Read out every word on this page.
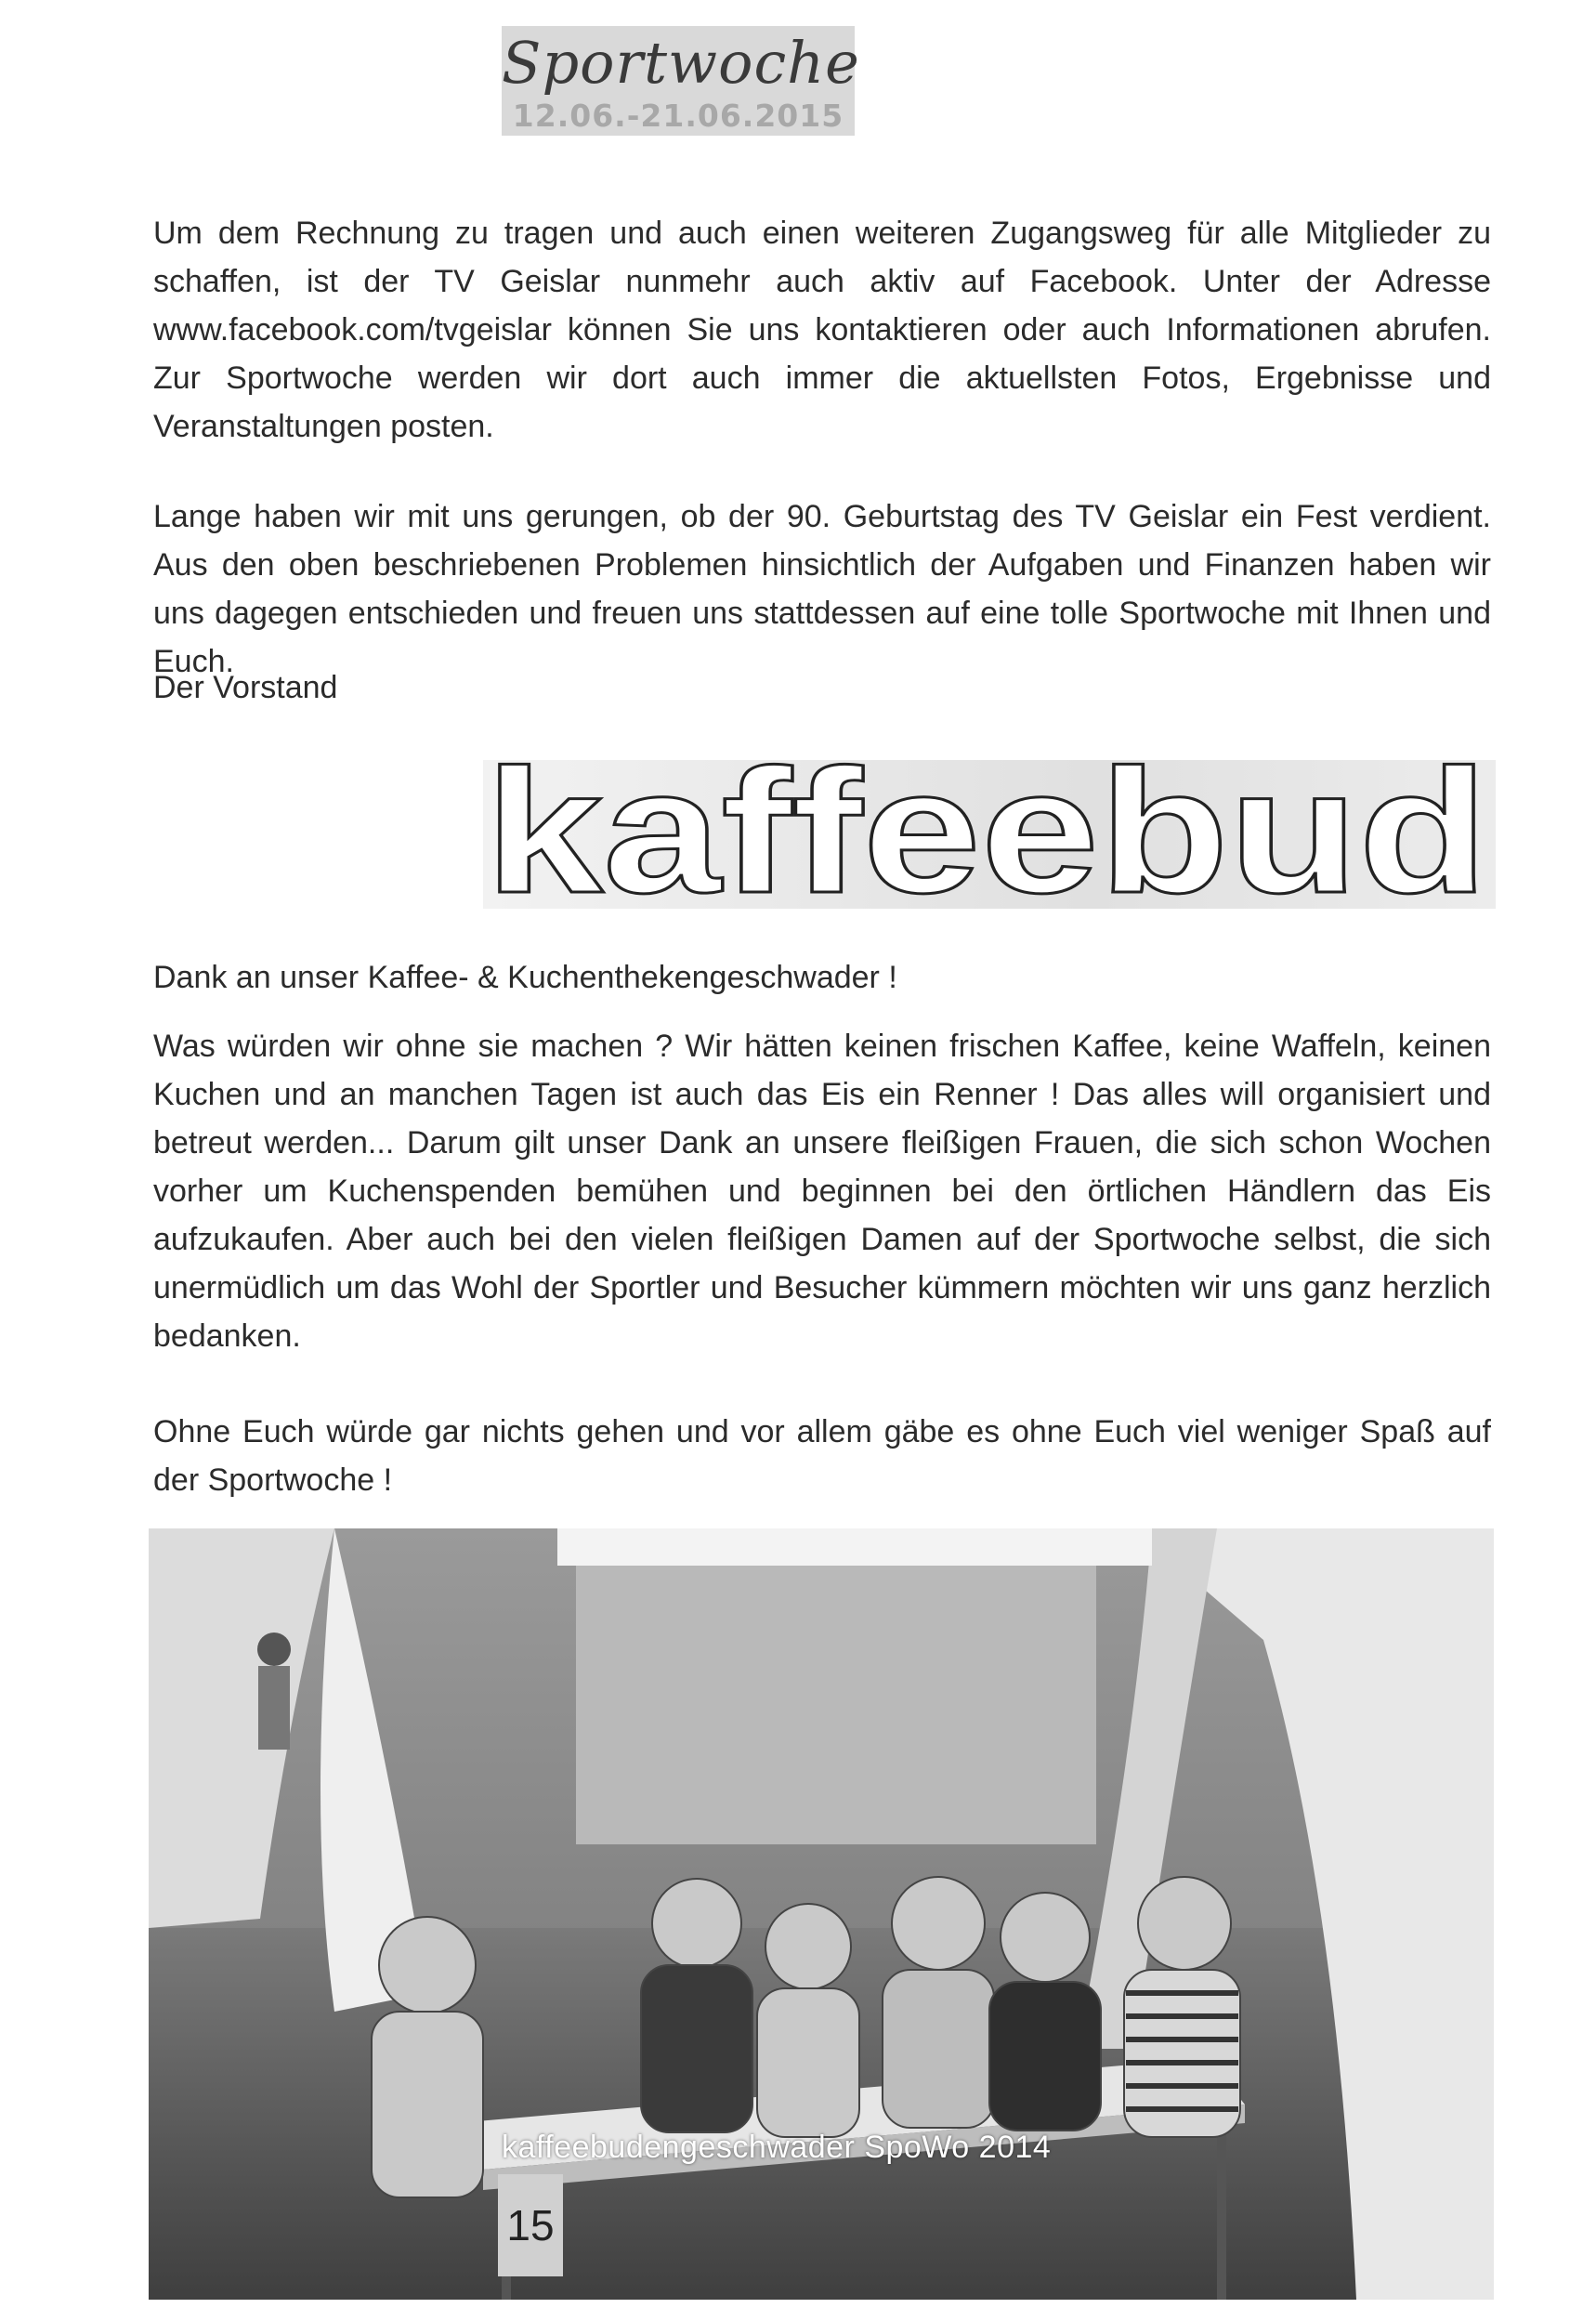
Sportwoche
12.06.-21.06.2015
Um dem Rechnung zu tragen und auch einen weiteren Zugangsweg für alle Mitglieder zu schaffen, ist der TV Geislar nunmehr auch aktiv auf Facebook. Unter der Adresse www.facebook.com/tvgeislar können Sie uns kontaktieren oder auch Informationen abrufen. Zur Sportwoche werden wir dort auch immer die aktuellsten Fotos, Ergebnisse und Veranstaltungen posten.
Lange haben wir mit uns gerungen, ob der 90. Geburtstag des TV Geislar ein Fest verdient. Aus den oben beschriebenen Problemen hinsichtlich der Aufgaben und Finanzen haben wir uns dagegen entschieden und freuen uns stattdessen auf eine tolle Sportwoche mit Ihnen und Euch.
Der Vorstand
kaffeebud
Dank an unser Kaffee- & Kuchenthekengeschwader !
Was würden wir ohne sie machen ? Wir hätten keinen frischen Kaffee, keine Waffeln, keinen Kuchen und an manchen Tagen ist auch das Eis ein Renner ! Das alles will organisiert und betreut werden... Darum gilt unser Dank an unsere fleißigen Frauen, die sich schon Wochen vorher um Kuchenspenden bemühen und beginnen bei den örtlichen Händlern das Eis aufzukaufen. Aber auch bei den vielen fleißigen Damen auf der Sportwoche selbst, die sich unermüdlich um das Wohl der Sportler und Besucher kümmern möchten wir uns ganz herzlich bedanken.
Ohne Euch würde gar nichts gehen und vor allem gäbe es ohne Euch viel weniger Spaß auf der Sportwoche !
kaffeebudengeschwader SpoWo 2014
15
